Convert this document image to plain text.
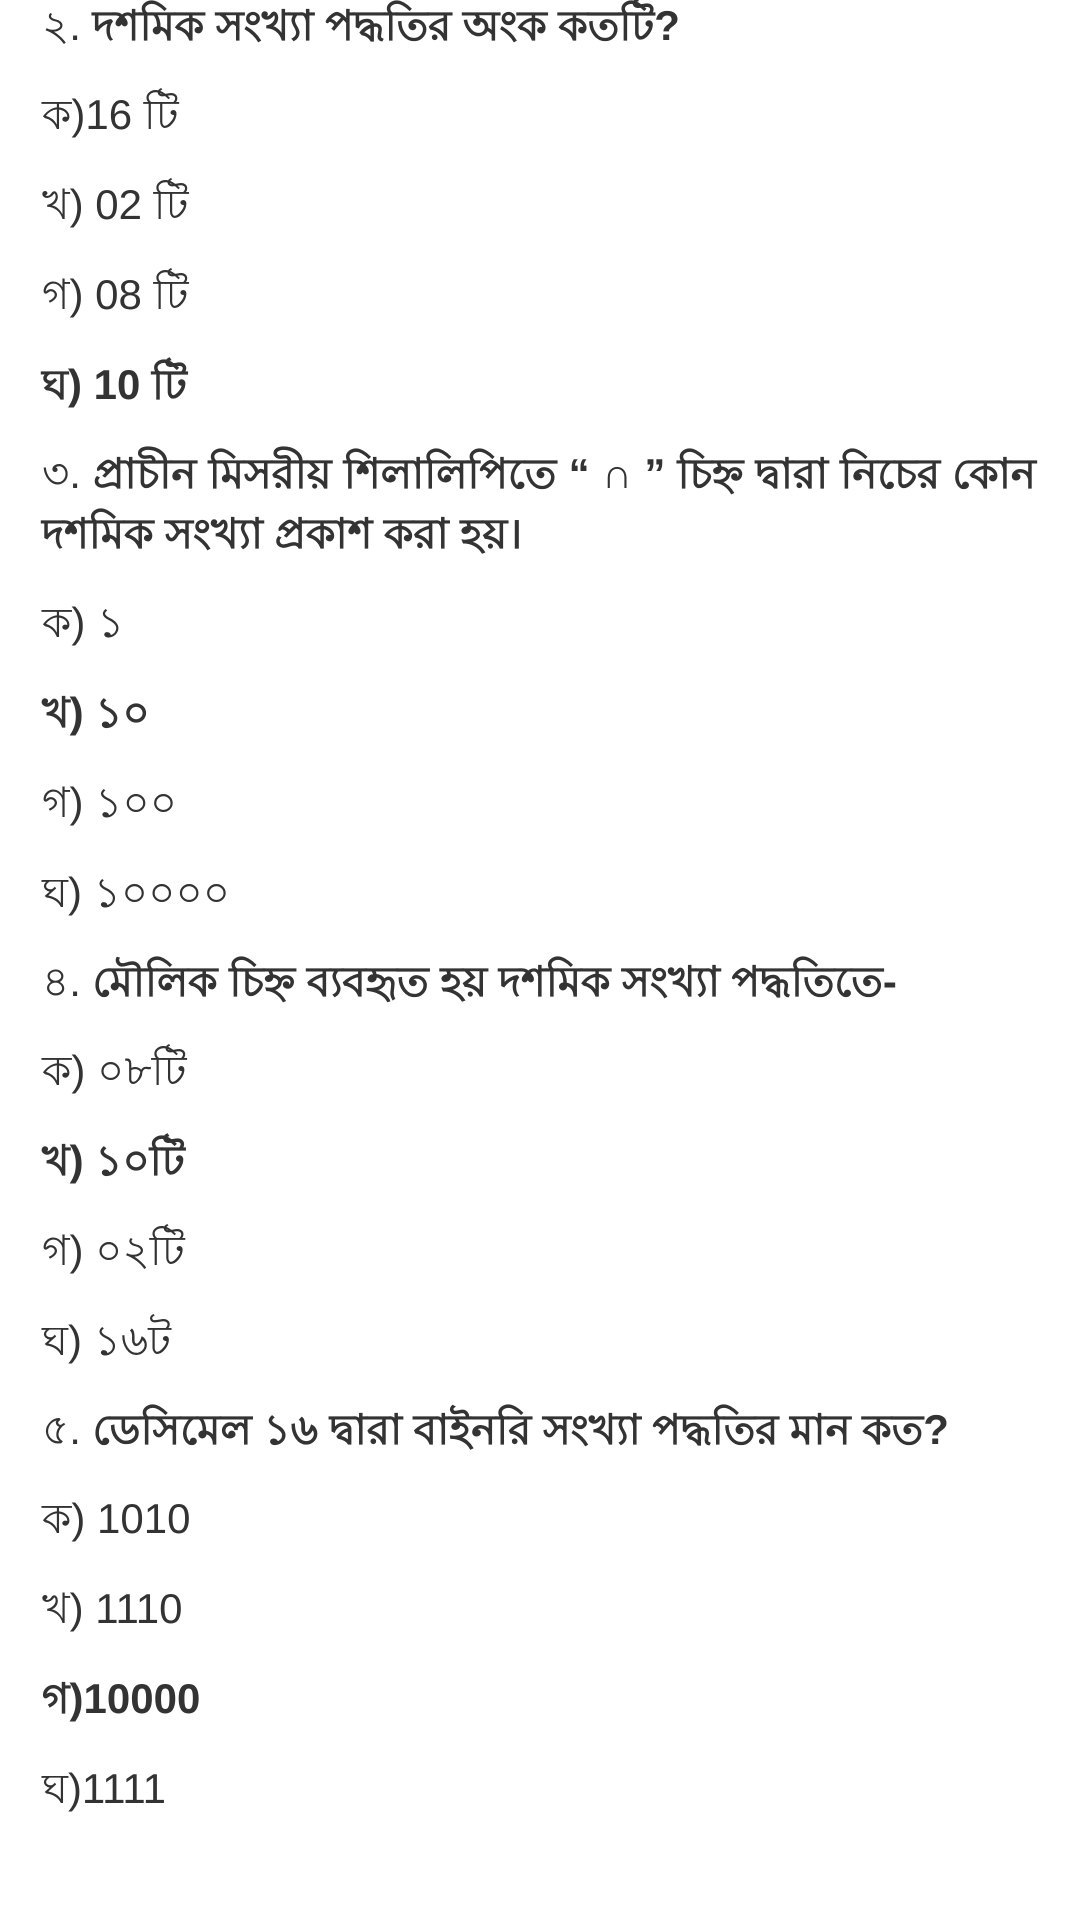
২. দশমিক সংখ্যা পদ্ধতির অংক কতটি?

ক)16 টি
খ) 02 টি
গ) 08 টি
ঘ) 10 টি

৩. প্রাচীন মিসরীয় শিলালিপিতে “ ∩ ” চিহ্ন দ্বারা নিচের কোন দশমিক সংখ্যা প্রকাশ করা হয়।

ক) ১
খ) ১০
গ) ১০০
ঘ) ১০০০০

৪. মৌলিক চিহ্ন ব্যবহৃত হয় দশমিক সংখ্যা পদ্ধতিতে-

ক) ০৮টি
খ) ১০টি
গ) ০২টি
ঘ) ১৬ট

৫. ডেসিমেল ১৬ দ্বারা বাইনরি সংখ্যা পদ্ধতির মান কত?

ক) 1010
খ) 1110
গ)10000
ঘ)1111
